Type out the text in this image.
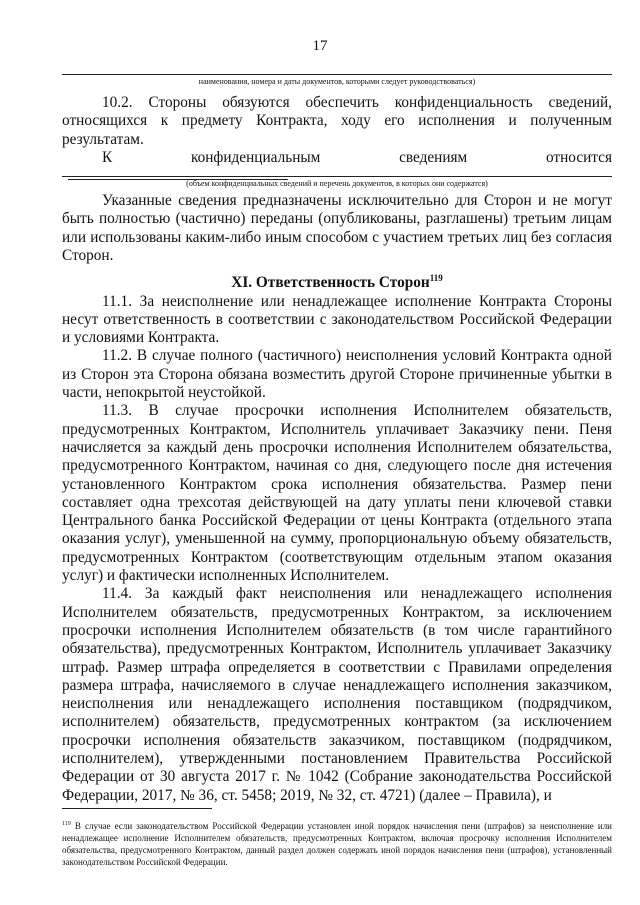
17
наименования, номера и даты документов, которыми следует руководствоваться)

10.2. Стороны обязуются обеспечить конфиденциальность сведений, относящихся к предмету Контракта, ходу его исполнения и полученным результатам.

К конфиденциальным сведениям относится

(объем конфиденциальных сведений и перечень документов, в которых они содержатся)

Указанные сведения предназначены исключительно для Сторон и не могут быть полностью (частично) переданы (опубликованы, разглашены) третьим лицам или использованы каким-либо иным способом с участием третьих лиц без согласия Сторон.

XI. Ответственность Сторон$^{119}$

11.1. За неисполнение или ненадлежащее исполнение Контракта Стороны несут ответственность в соответствии с законодательством Российской Федерации и условиями Контракта.

11.2. В случае полного (частичного) неисполнения условий Контракта одной из Сторон эта Сторона обязана возместить другой Стороне причиненные убытки в части, непокрытой неустойкой.

11.3. В случае просрочки исполнения Исполнителем обязательств, предусмотренных Контрактом, Исполнитель уплачивает Заказчику пени. Пеня начисляется за каждый день просрочки исполнения Исполнителем обязательства, предусмотренного Контрактом, начиная со дня, следующего после дня истечения установленного Контрактом срока исполнения обязательства. Размер пени составляет одна трехсотая действующей на дату уплаты пени ключевой ставки Центрального банка Российской Федерации от цены Контракта (отдельного этапа оказания услуг), уменьшенной на сумму, пропорциональную объему обязательств, предусмотренных Контрактом (соответствующим отдельным этапом оказания услуг) и фактически исполненных Исполнителем.

11.4. За каждый факт неисполнения или ненадлежащего исполнения Исполнителем обязательств, предусмотренных Контрактом, за исключением просрочки исполнения Исполнителем обязательств (в том числе гарантийного обязательства), предусмотренных Контрактом, Исполнитель уплачивает Заказчику штраф. Размер штрафа определяется в соответствии с Правилами определения размера штрафа, начисляемого в случае ненадлежащего исполнения заказчиком, неисполнения или ненадлежащего исполнения поставщиком (подрядчиком, исполнителем) обязательств, предусмотренных контрактом (за исключением просрочки исполнения обязательств заказчиком, поставщиком (подрядчиком, исполнителем), утвержденными постановлением Правительства Российской Федерации от 30 августа 2017 г. № 1042 (Собрание законодательства Российской Федерации, 2017, № 36, ст. 5458; 2019, № 32, ст. 4721) (далее – Правила), и

$^{119}$ В случае если законодательством Российской Федерации установлен иной порядок начисления пени (штрафов) за неисполнение или ненадлежащее исполнение Исполнителем обязательств, предусмотренных Контрактом, включая просрочку исполнения Исполнителем обязательства, предусмотренного Контрактом, данный раздел должен содержать иной порядок начисления пени (штрафов), установленный законодательством Российской Федерации.
